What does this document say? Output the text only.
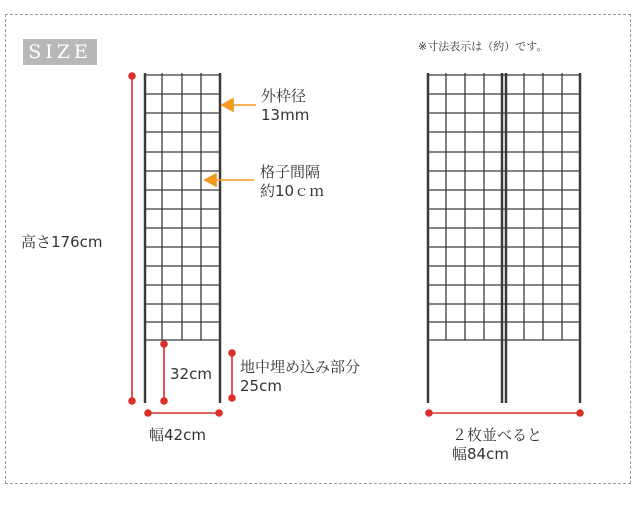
SIZE	※寸法表示は（約）です。
外枠径
13mm
格子間隔
約10ｃｍ
高さ176cm
32cm 地中埋め込み部分
25cm
幅42cm	２枚並べると
幅84cm
